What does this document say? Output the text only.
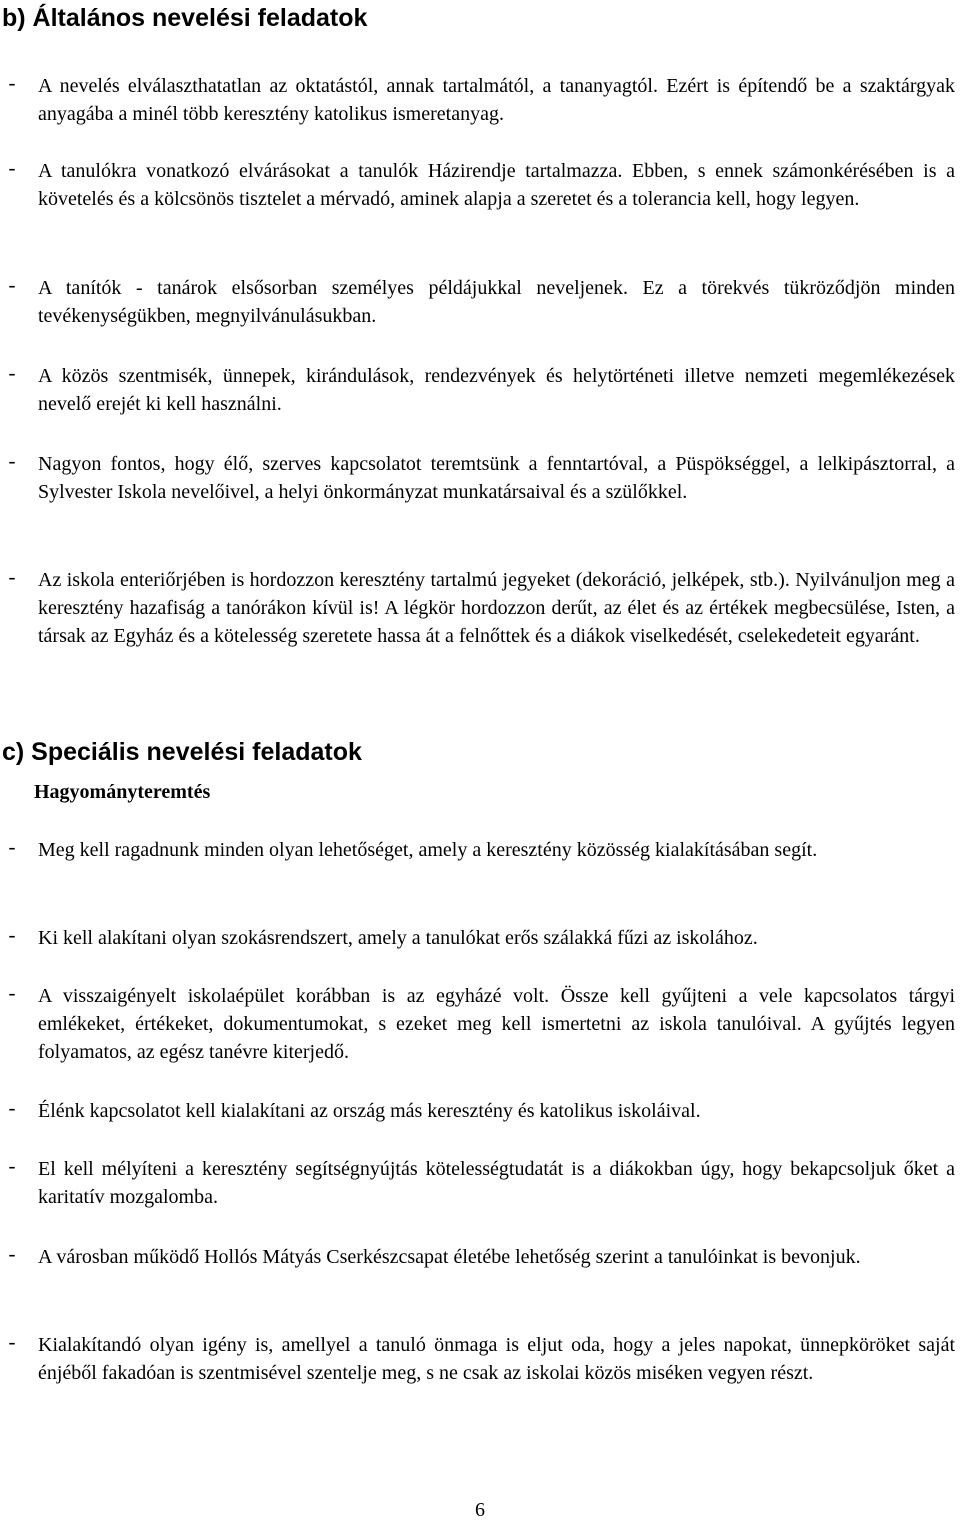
b) Általános nevelési feladatok
- A nevelés elválaszthatatlan az oktatástól, annak tartalmától, a tananyagtól. Ezért is építendő be a szaktárgyak anyagába a minél több keresztény katolikus ismeretanyag.
- A tanulókra vonatkozó elvárásokat a tanulók Házirendje tartalmazza. Ebben, s ennek számonkérésében is a követelés és a kölcsönös tisztelet a mérvadó, aminek alapja a szeretet és a tolerancia kell, hogy legyen.
- A tanítók - tanárok elsősorban személyes példájukkal neveljenek. Ez a törekvés tükröződjön minden tevékenységükben, megnyilvánulásukban.
- A közös szentmisék, ünnepek, kirándulások, rendezvények és helytörténeti illetve nemzeti megemlékezések nevelő erejét ki kell használni.
- Nagyon fontos, hogy élő, szerves kapcsolatot teremtsünk a fenntartóval, a Püspökséggel, a lelkipásztorral, a Sylvester Iskola nevelőivel, a helyi önkormányzat munkatársaival és a szülőkkel.
- Az iskola enteriőrjében is hordozzon keresztény tartalmú jegyeket (dekoráció, jelképek, stb.). Nyilvánuljon meg a keresztény hazafiság a tanórákon kívül is! A légkör hordozzon derűt, az élet és az értékek megbecsülése, Isten, a társak az Egyház és a kötelesség szeretete hassa át a felnőttek és a diákok viselkedését, cselekedeteit egyaránt.
c) Speciális nevelési feladatok
Hagyományteremtés
- Meg kell ragadnunk minden olyan lehetőséget, amely a keresztény közösség kialakításában segít.
- Ki kell alakítani olyan szokásrendszert, amely a tanulókat erős szálakká fűzi az iskolához.
- A visszaigényelt iskolaépület korábban is az egyházé volt. Össze kell gyűjteni a vele kapcsolatos tárgyi emlékeket, értékeket, dokumentumokat, s ezeket meg kell ismertetni az iskola tanulóival. A gyűjtés legyen folyamatos, az egész tanévre kiterjedő.
- Élénk kapcsolatot kell kialakítani az ország más keresztény és katolikus iskoláival.
- El kell mélyíteni a keresztény segítségnyújtás kötelességtudatát is a diákokban úgy, hogy bekapcsoljuk őket a karitatív mozgalomba.
- A városban működő Hollós Mátyás Cserkészcsapat életébe lehetőség szerint a tanulóinkat is bevonjuk.
- Kialakítandó olyan igény is, amellyel a tanuló önmaga is eljut oda, hogy a jeles napokat, ünnepköröket saját énjéből fakadóan is szentmisével szentelje meg, s ne csak az iskolai közös miséken vegyen részt.
6
